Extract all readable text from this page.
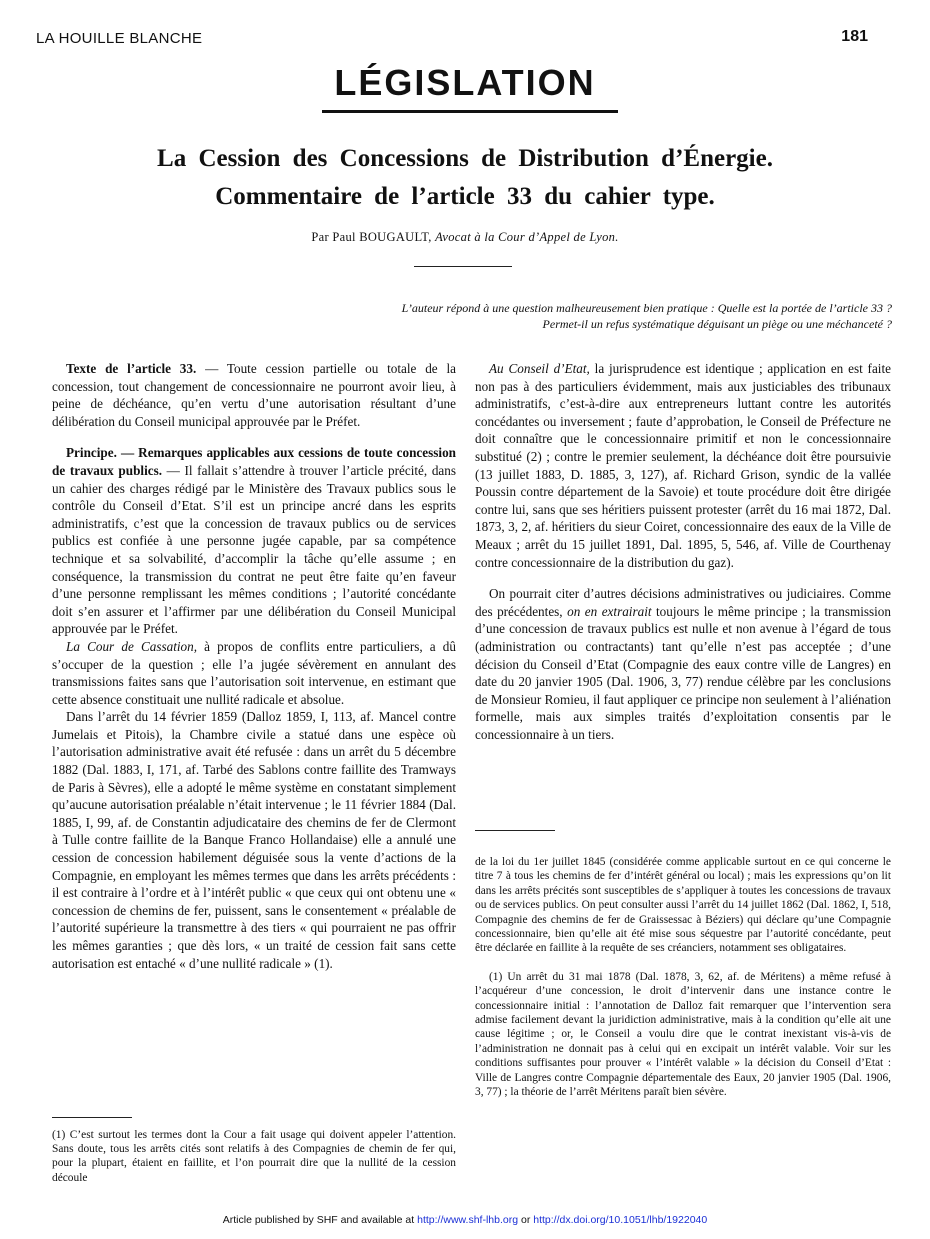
LA HOUILLE BLANCHE	181
LÉGISLATION
La Cession des Concessions de Distribution d’Énergie.
Commentaire de l’article 33 du cahier type.
Par Paul BOUGAULT, Avocat à la Cour d’Appel de Lyon.
L’auteur répond à une question malheureusement bien pratique : Quelle est la portée de l’article 33 ?
Permet-il un refus systématique déguisant un piège ou une méchanceté ?

Texte de l’article 33. — Toute cession partielle ou totale de la concession, tout changement de concessionnaire ne pourront avoir lieu, à peine de déchéance, qu’en vertu d’une autorisation résultant d’une délibération du Conseil municipal approuvée par le Préfet.

Principe. — Remarques applicables aux cessions de toute concession de travaux publics. — Il fallait s’attendre à trouver l’article précité, dans un cahier des charges rédigé par le Ministère des Travaux publics sous le contrôle du Conseil d’Etat. S’il est un principe ancré dans les esprits administratifs, c’est que la concession de travaux publics ou de services publics est confiée à une personne jugée capable, par sa compétence technique et sa solvabilité, d’accomplir la tâche qu’elle assume ; en conséquence, la transmission du contrat ne peut être faite qu’en faveur d’une personne remplissant les mêmes conditions ; l’autorité concédante doit s’en assurer et l’affirmer par une délibération du Conseil Municipal approuvée par le Préfet.

La Cour de Cassation, à propos de conflits entre particuliers, a dû s’occuper de la question ; elle l’a jugée sévèrement en annulant des transmissions faites sans que l’autorisation soit intervenue, en estimant que cette absence constituait une nullité radicale et absolue.

Dans l’arrêt du 14 février 1859 (Dalloz 1859, I, 113, af. Mancel contre Jumelais et Pitois), la Chambre civile a statué dans une espèce où l’autorisation administrative avait été refusée : dans un arrêt du 5 décembre 1882 (Dal. 1883, I, 171, af. Tarbé des Sablons contre faillite des Tramways de Paris à Sèvres), elle a adopté le même système en constatant simplement qu’aucune autorisation préalable n’était intervenue ; le 11 février 1884 (Dal. 1885, I, 99, af. de Constantin adjudicataire des chemins de fer de Clermont à Tulle contre faillite de la Banque Franco Hollandaise) elle a annulé une cession de concession habilement déguisée sous la vente d’actions de la Compagnie, en employant les mêmes termes que dans les arrêts précédents : il est contraire à l’ordre et à l’intérêt public « que ceux qui ont obtenu une « concession de chemins de fer, puissent, sans le consentement « préalable de l’autorité supérieure la transmettre à des tiers « qui pourraient ne pas offrir les mêmes garanties ; que dès lors, « un traité de cession fait sans cette autorisation est entaché « d’une nullité radicale » (1).

(1) C’est surtout les termes dont la Cour a fait usage qui doivent appeler l’attention. Sans doute, tous les arrêts cités sont relatifs à des Compagnies de chemin de fer qui, pour la plupart, étaient en faillite, et l’on pourrait dire que la nullité de la cession découle

Au Conseil d’Etat, la jurisprudence est identique ; application en est faite non pas à des particuliers évidemment, mais aux justiciables des tribunaux administratifs, c’est-à-dire aux entrepreneurs luttant contre les autorités concédantes ou inversement ; faute d’approbation, le Conseil de Préfecture ne doit connaître que le concessionnaire primitif et non le concessionnaire substitué (2) ; contre le premier seulement, la déchéance doit être poursuivie (13 juillet 1883, D. 1885, 3, 127), af. Richard Grison, syndic de la vallée Poussin contre département de la Savoie) et toute procédure doit être dirigée contre lui, sans que ses héritiers puissent protester (arrêt du 16 mai 1872, Dal. 1873, 3, 2, af. héritiers du sieur Coiret, concessionnaire des eaux de la Ville de Meaux ; arrêt du 15 juillet 1891, Dal. 1895, 5, 546, af. Ville de Courthenay contre concessionnaire de la distribution du gaz).

On pourrait citer d’autres décisions administratives ou judiciaires. Comme des précédentes, on en extrairait toujours le même principe ; la transmission d’une concession de travaux publics est nulle et non avenue à l’égard de tous (administration ou contractants) tant qu’elle n’est pas acceptée ; d’une décision du Conseil d’Etat (Compagnie des eaux contre ville de Langres) en date du 20 janvier 1905 (Dal. 1906, 3, 77) rendue célèbre par les conclusions de Monsieur Romieu, il faut appliquer ce principe non seulement à l’aliénation formelle, mais aux simples traités d’exploitation consentis par le concessionnaire à un tiers.

de la loi du 1er juillet 1845 (considérée comme applicable surtout en ce qui concerne le titre 7 à tous les chemins de fer d’intérêt général ou local) ; mais les expressions qu’on lit dans les arrêts précités sont susceptibles de s’appliquer à toutes les concessions de travaux ou de services publics. On peut consulter aussi l’arrêt du 14 juillet 1862 (Dal. 1862, I, 518, Compagnie des chemins de fer de Graissessac à Béziers) qui déclare qu’une Compagnie concessionnaire, bien qu’elle ait été mise sous séquestre par l’autorité concédante, peut être déclarée en faillite à la requête de ses créanciers, notamment ses obligataires.

(1) Un arrêt du 31 mai 1878 (Dal. 1878, 3, 62, af. de Méritens) a même refusé à l’acquéreur d’une concession, le droit d’intervenir dans une instance contre le concessionnaire initial : l’annotation de Dalloz fait remarquer que l’intervention sera admise facilement devant la juridiction administrative, mais à la condition qu’elle ait une cause légitime ; or, le Conseil a voulu dire que le contrat inexistant vis-à-vis de l’administration ne donnait pas à celui qui en excipait un intérêt valable. Voir sur les conditions suffisantes pour prouver « l’intérêt valable » la décision du Conseil d’Etat : Ville de Langres contre Compagnie départementale des Eaux, 20 janvier 1905 (Dal. 1906, 3, 77) ; la théorie de l’arrêt Méritens paraît bien sévère.

Article published by SHF and available at http://www.shf-lhb.org or http://dx.doi.org/10.1051/lhb/1922040
